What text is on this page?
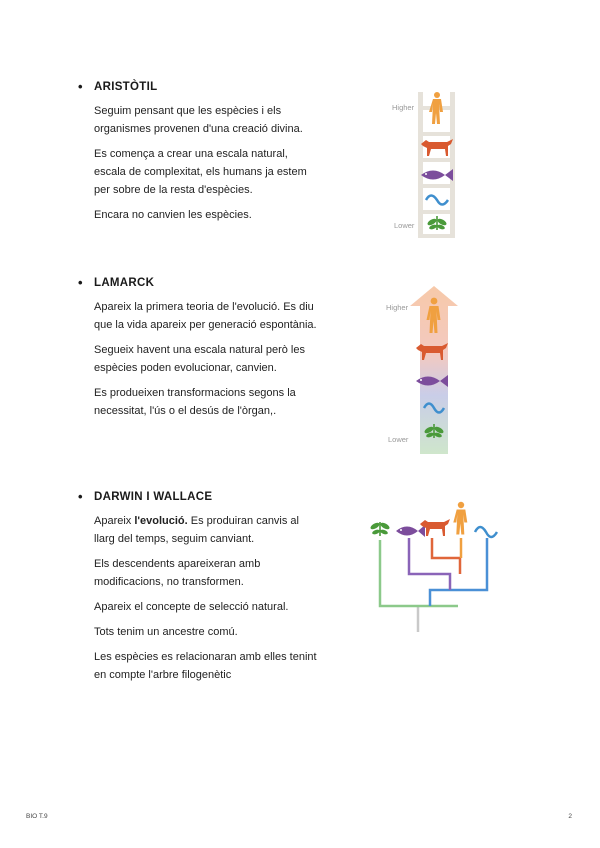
• ARISTÒTIL

Seguim pensant que les espècies i els organismes provenen d'una creació divina.

Es comença a crear una escala natural, escala de complexitat, els humans ja estem per sobre de la resta d'espècies.

Encara no canvien les espècies.

• LAMARCK

Apareix la primera teoria de l'evolució. Es diu que la vida apareix per generació espontània.

Segueix havent una escala natural però les espècies poden evolucionar, canvien.

Es produeixen transformacions segons la necessitat, l'ús o el desús de l'òrgan,.

• DARWIN I WALLACE

Apareix l'evolució. Es produiran canvis al llarg del temps, seguim canviant.

Els descendents apareixeran amb modificacions, no transformen.

Apareix el concepte de selecció natural.

Tots tenim un ancestre comú.

Les espècies es relacionaran amb elles tenint en compte l'arbre filogenètic

Higher
Lower
Higher
Lower
BIO T.9	2
